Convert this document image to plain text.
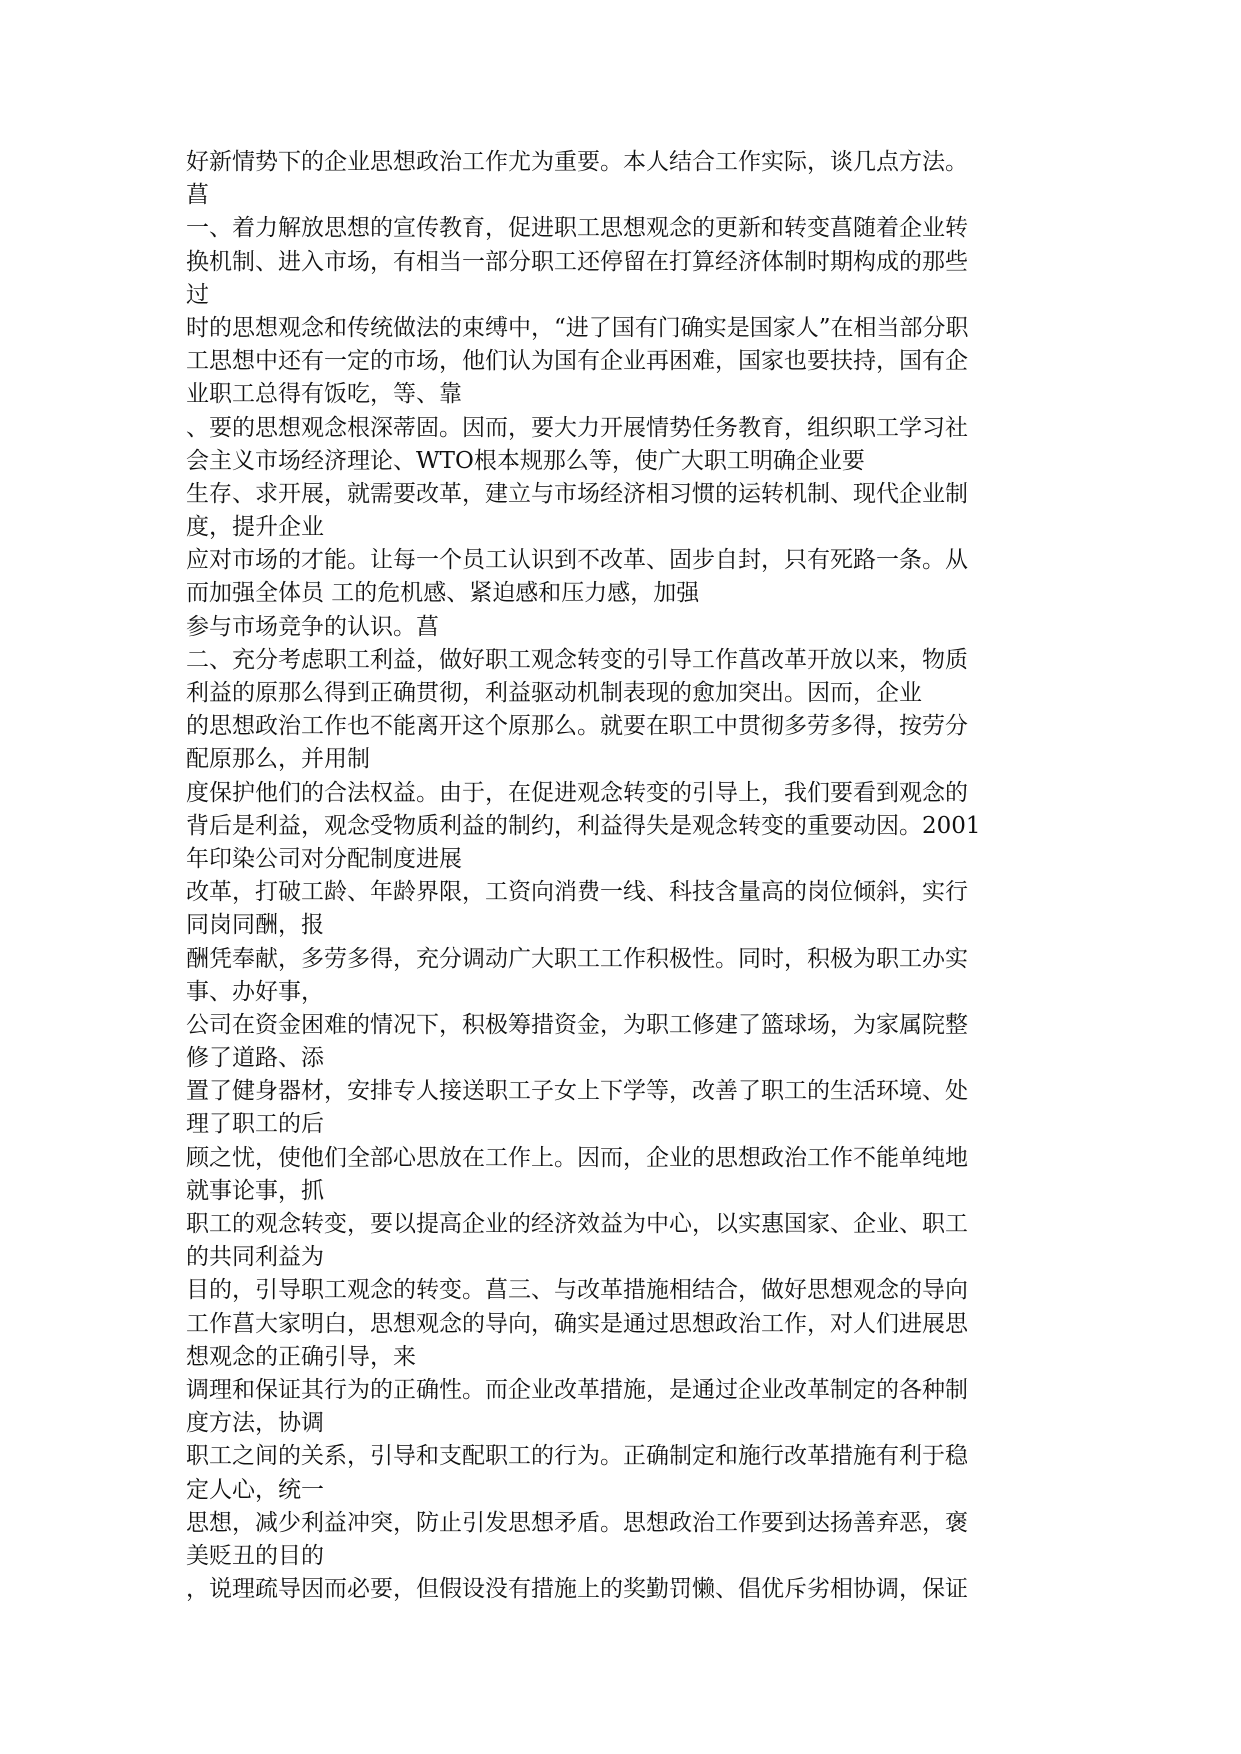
好新情势下的企业思想政治工作尤为重要。本人结合工作实际，谈几点方法。
菖
一、着力解放思想的宣传教育，促进职工思想观念的更新和转变菖随着企业转
换机制、进入市场，有相当一部分职工还停留在打算经济体制时期构成的那些
过
时的思想观念和传统做法的束缚中，“进了国有门确实是国家人”在相当部分职
工思想中还有一定的市场，他们认为国有企业再困难，国家也要扶持，国有企
业职工总得有饭吃，等、靠
、要的思想观念根深蒂固。因而，要大力开展情势任务教育，组织职工学习社
会主义市场经济理论、WTO根本规那么等，使广大职工明确企业要
生存、求开展，就需要改革，建立与市场经济相习惯的运转机制、现代企业制
度，提升企业
应对市场的才能。让每一个员工认识到不改革、固步自封，只有死路一条。从
而加强全体员 工的危机感、紧迫感和压力感，加强
参与市场竞争的认识。菖
二、充分考虑职工利益，做好职工观念转变的引导工作菖改革开放以来，物质
利益的原那么得到正确贯彻，利益驱动机制表现的愈加突出。因而，企业
的思想政治工作也不能离开这个原那么。就要在职工中贯彻多劳多得，按劳分
配原那么，并用制
度保护他们的合法权益。由于，在促进观念转变的引导上，我们要看到观念的
背后是利益，观念受物质利益的制约，利益得失是观念转变的重要动因。2001
年印染公司对分配制度进展
改革，打破工龄、年龄界限，工资向消费一线、科技含量高的岗位倾斜，实行
同岗同酬，报
酬凭奉献，多劳多得，充分调动广大职工工作积极性。同时，积极为职工办实
事、办好事，
公司在资金困难的情况下，积极筹措资金，为职工修建了篮球场，为家属院整
修了道路、添
置了健身器材，安排专人接送职工子女上下学等，改善了职工的生活环境、处
理了职工的后
顾之忧，使他们全部心思放在工作上。因而，企业的思想政治工作不能单纯地
就事论事，抓
职工的观念转变，要以提高企业的经济效益为中心，以实惠国家、企业、职工
的共同利益为
目的，引导职工观念的转变。菖三、与改革措施相结合，做好思想观念的导向
工作菖大家明白，思想观念的导向，确实是通过思想政治工作，对人们进展思
想观念的正确引导，来
调理和保证其行为的正确性。而企业改革措施，是通过企业改革制定的各种制
度方法，协调
职工之间的关系，引导和支配职工的行为。正确制定和施行改革措施有利于稳
定人心，统一
思想，减少利益冲突，防止引发思想矛盾。思想政治工作要到达扬善弃恶，褒
美贬丑的目的
，说理疏导因而必要，但假设没有措施上的奖勤罚懒、倡优斥劣相协调，保证
